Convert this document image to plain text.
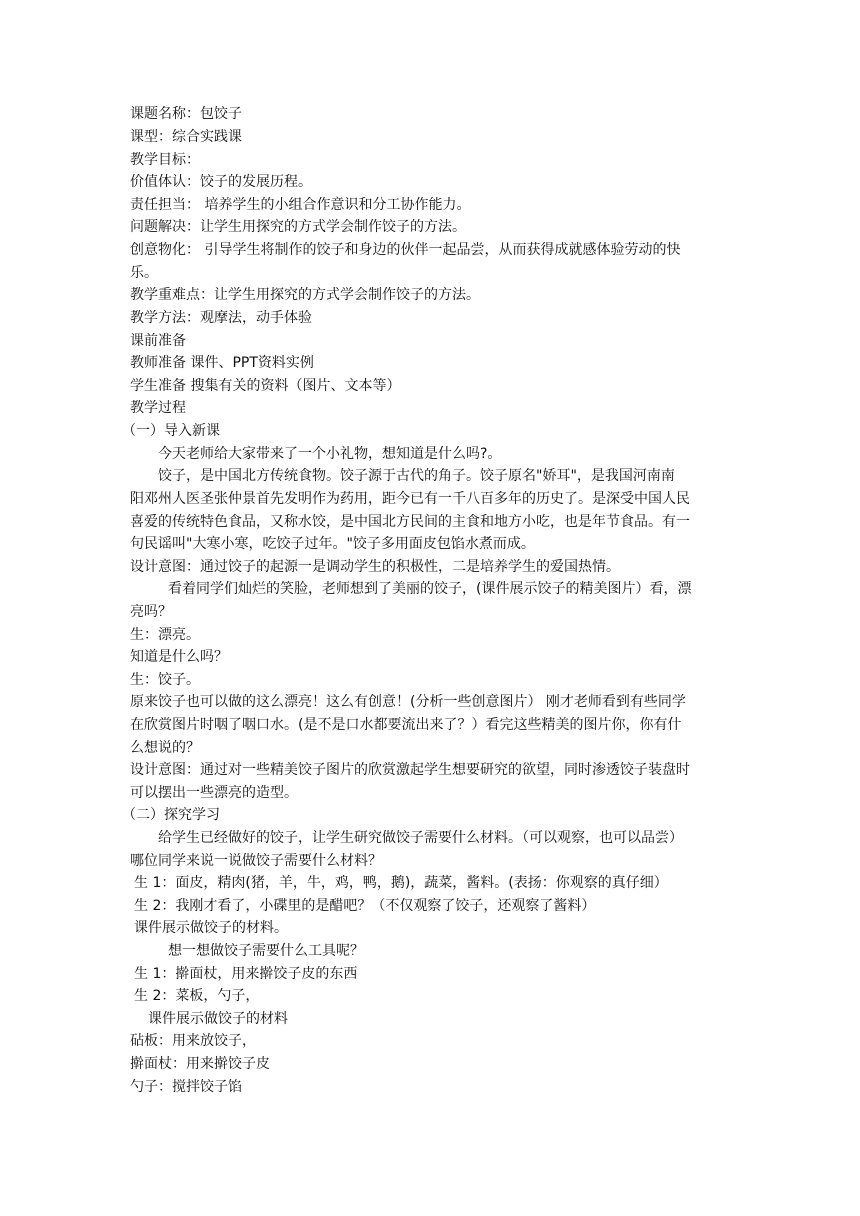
课题名称：包饺子
课型：综合实践课
教学目标：
价值体认：饺子的发展历程。
责任担当： 培养学生的小组合作意识和分工协作能力。
问题解决：让学生用探究的方式学会制作饺子的方法。
创意物化： 引导学生将制作的饺子和身边的伙伴一起品尝，从而获得成就感体验劳动的快
乐。
教学重难点：让学生用探究的方式学会制作饺子的方法。
教学方法：观摩法，动手体验
课前准备
教师准备 课件、PPT资料实例
学生准备 搜集有关的资料（图片、文本等）
教学过程
（一）导入新课
今天老师给大家带来了一个小礼物，想知道是什么吗?。
饺子，是中国北方传统食物。饺子源于古代的角子。饺子原名"娇耳"，是我国河南南
阳邓州人医圣张仲景首先发明作为药用，距今已有一千八百多年的历史了。是深受中国人民
喜爱的传统特色食品，又称水饺，是中国北方民间的主食和地方小吃，也是年节食品。有一
句民谣叫"大寒小寒，吃饺子过年。"饺子多用面皮包馅水煮而成。
设计意图：通过饺子的起源一是调动学生的积极性，二是培养学生的爱国热情。
看着同学们灿烂的笑脸，老师想到了美丽的饺子，(课件展示饺子的精美图片）看，漂
亮吗？
生：漂亮。
知道是什么吗？
生：饺子。
原来饺子也可以做的这么漂亮！这么有创意！(分析一些创意图片） 刚才老师看到有些同学
在欣赏图片时咽了咽口水。(是不是口水都要流出来了？）看完这些精美的图片你，你有什
么想说的？
设计意图：通过对一些精美饺子图片的欣赏激起学生想要研究的欲望，同时渗透饺子装盘时
可以摆出一些漂亮的造型。
（二）探究学习
给学生已经做好的饺子，让学生研究做饺子需要什么材料。（可以观察，也可以品尝）
哪位同学来说一说做饺子需要什么材料？
生 1：面皮，精肉(猪，羊，牛，鸡，鸭，鹅)，蔬菜，酱料。(表扬：你观察的真仔细）
生 2：我刚才看了，小碟里的是醋吧？（不仅观察了饺子，还观察了酱料）
课件展示做饺子的材料。
想一想做饺子需要什么工具呢？
生 1：擀面杖，用来擀饺子皮的东西
生 2：菜板，勺子，
课件展示做饺子的材料
砧板：用来放饺子，
擀面杖：用来擀饺子皮
勺子：搅拌饺子馅
